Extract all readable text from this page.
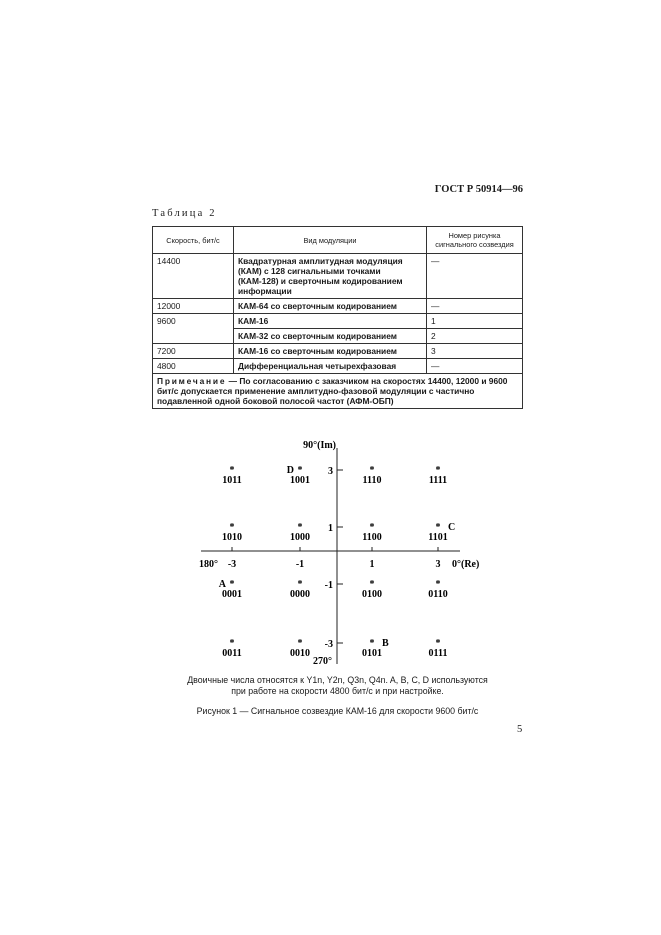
ГОСТ Р 50914—96
Таблица 2
Скорость, бит/с	Вид модуляции	Номер рисунка сигнального созвездия
14400	Квадратурная амплитудная модуляция (КАМ) с 128 сигнальными точками (КАМ-128) и сверточным кодированием информации	—
12000	КАМ-64 со сверточным кодированием	—
9600	КАМ-16	1
	КАМ-32 со сверточным кодированием	2
7200	КАМ-16 со сверточным кодированием	3
4800	Дифференциальная четырехфазовая	—
Примечание — По согласованию с заказчиком на скоростях 14400, 12000 и 9600 бит/с допускается применение амплитудно-фазовой модуляции с частично подавленной одной боковой полосой частот (АФМ-ОБП)		
-3	-1	1	3
3
1
-1
-3
90°(Im)
180°	0°(Re)
270°
*
1011
*
1001
D	*
1110
*
1111
*
1010
*
1000
*
1100
*
1101
C
*
0001
A	*
0000
*
0100
*
0110
*
0011
*
0010
*
0101
B	*
0111
Двоичные числа относятся к Y1n, Y2n, Q3n, Q4n. A, B, C, D используются
при работе на скорости 4800 бит/с и при настройке.
Рисунок 1 — Сигнальное созвездие КАМ-16 для скорости 9600 бит/с
5
